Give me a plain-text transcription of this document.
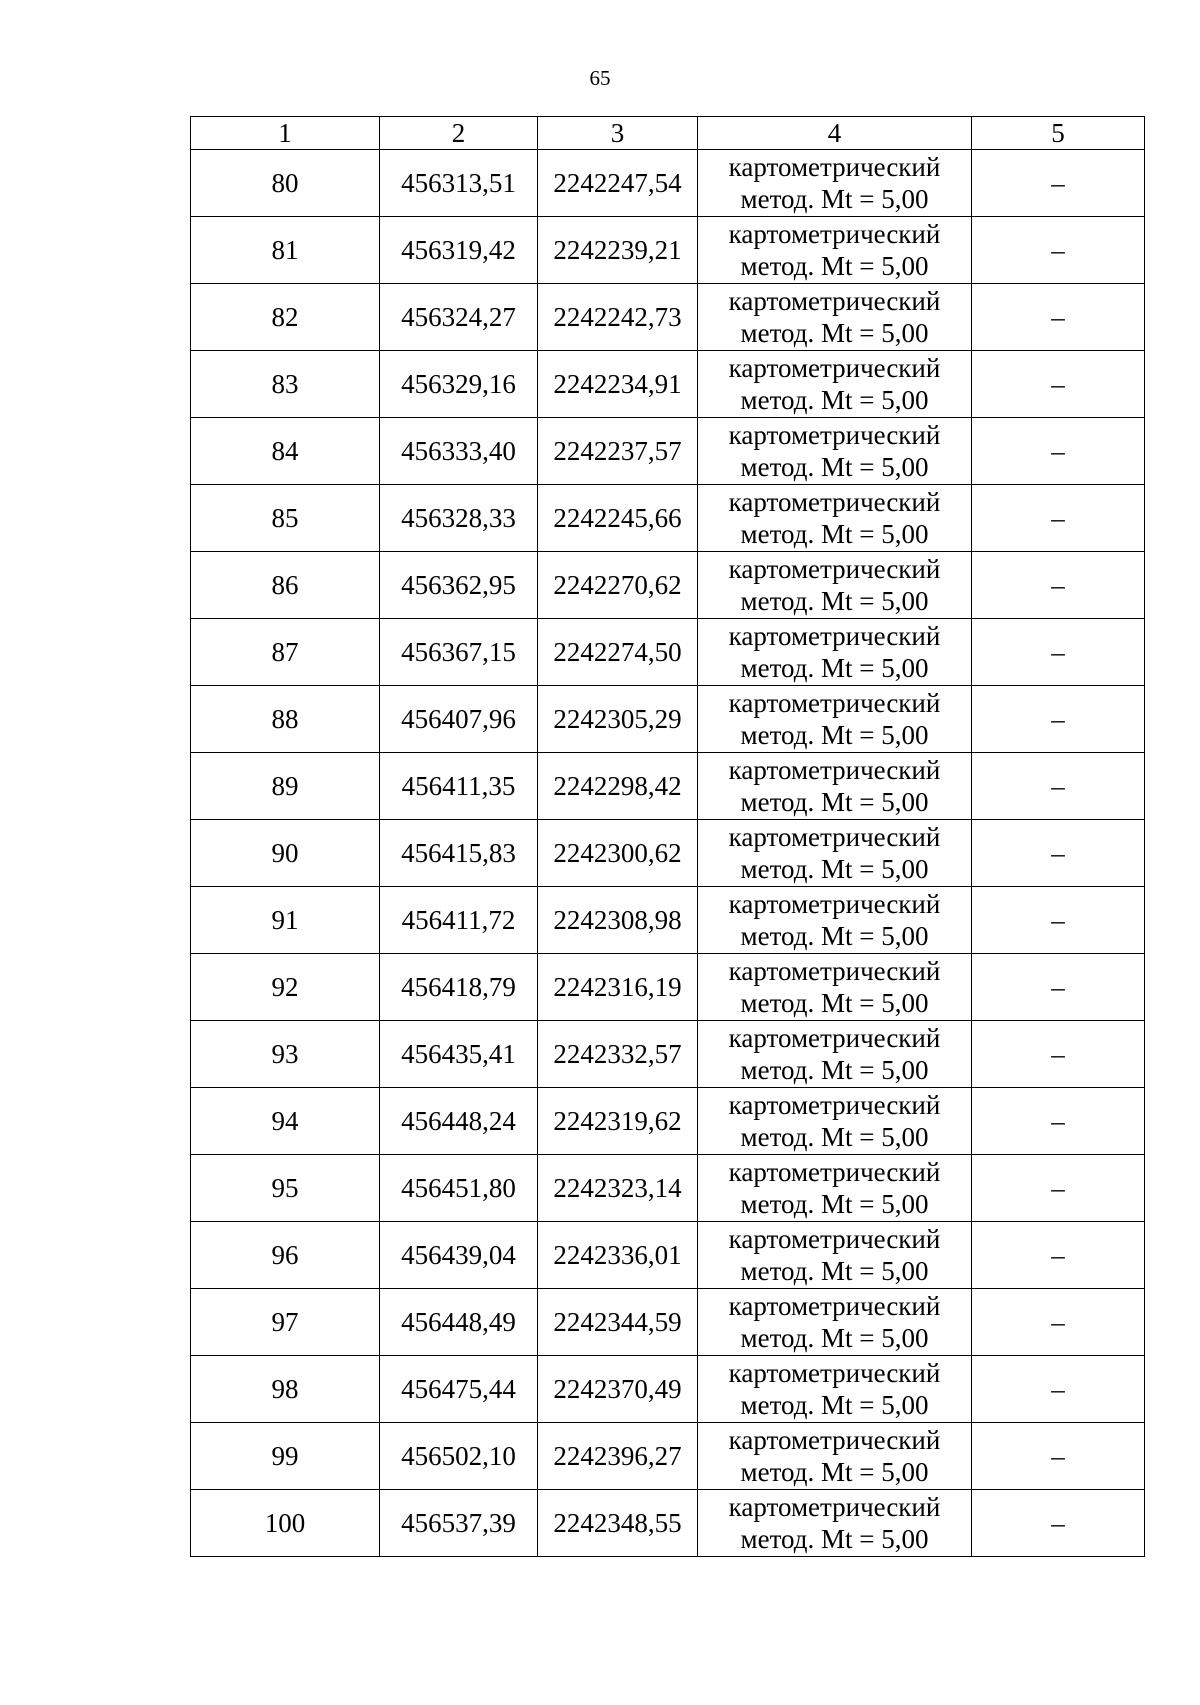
65
1	2	3	4	5
80	456313,51	2242247,54	картометрический
метод. Mt = 5,00	–
81	456319,42	2242239,21	картометрический
метод. Mt = 5,00	–
82	456324,27	2242242,73	картометрический
метод. Mt = 5,00	–
83	456329,16	2242234,91	картометрический
метод. Mt = 5,00	–
84	456333,40	2242237,57	картометрический
метод. Mt = 5,00	–
85	456328,33	2242245,66	картометрический
метод. Mt = 5,00	–
86	456362,95	2242270,62	картометрический
метод. Mt = 5,00	–
87	456367,15	2242274,50	картометрический
метод. Mt = 5,00	–
88	456407,96	2242305,29	картометрический
метод. Mt = 5,00	–
89	456411,35	2242298,42	картометрический
метод. Mt = 5,00	–
90	456415,83	2242300,62	картометрический
метод. Mt = 5,00	–
91	456411,72	2242308,98	картометрический
метод. Mt = 5,00	–
92	456418,79	2242316,19	картометрический
метод. Mt = 5,00	–
93	456435,41	2242332,57	картометрический
метод. Mt = 5,00	–
94	456448,24	2242319,62	картометрический
метод. Mt = 5,00	–
95	456451,80	2242323,14	картометрический
метод. Mt = 5,00	–
96	456439,04	2242336,01	картометрический
метод. Mt = 5,00	–
97	456448,49	2242344,59	картометрический
метод. Mt = 5,00	–
98	456475,44	2242370,49	картометрический
метод. Mt = 5,00	–
99	456502,10	2242396,27	картометрический
метод. Mt = 5,00	–
100	456537,39	2242348,55	картометрический
метод. Mt = 5,00	–
